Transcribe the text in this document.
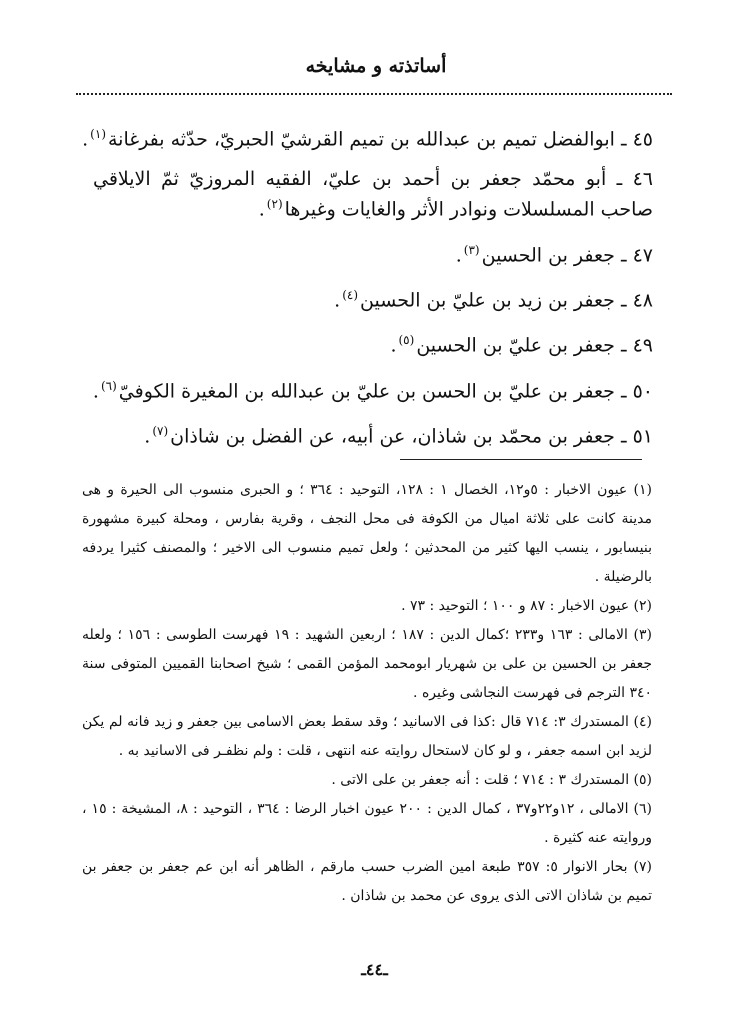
أساتذته و مشايخه

٤٥ ـ ابوالفضل تميم بن عبدالله بن تميم القرشيّ الحبريّ، حدّثه بفرغانة$^{(١)}$.

٤٦ ـ أبو محمّد جعفر بن أحمد بن عليّ، الفقيه المروزيّ ثمّ الايلاقي صاحب المسلسلات ونوادر الأثر والغايات وغيرها$^{(٢)}$.

٤٧ ـ جعفر بن الحسين$^{(٣)}$.

٤٨ ـ جعفر بن زيد بن عليّ بن الحسين$^{(٤)}$.

٤٩ ـ جعفر بن عليّ بن الحسين$^{(٥)}$.

٥٠ ـ جعفر بن عليّ بن الحسن بن عليّ بن عبدالله بن المغيرة الكوفيّ$^{(٦)}$.

٥١ ـ جعفر بن محمّد بن شاذان، عن أبيه، عن الفضل بن شاذان$^{(٧)}$.

(١) عيون الاخبار : ٥و١٢، الخصال ١ : ١٢٨، التوحيد : ٣٦٤ ؛ و الحبرى منسوب الى الحيرة و هى مدينة كانت على ثلاثة اميال من الكوفة فى محل النجف ، وقرية بفارس ، ومحلة كبيرة مشهورة بنيسابور ، ينسب اليها كثير من المحدثين ؛ ولعل تميم منسوب الى الاخير ؛ والمصنف كثيرا يردفه بالرضيلة .

(٢) عيون الاخبار : ٨٧ و ١٠٠ ؛ التوحيد : ٧٣ .

(٣) الامالى : ١٦٣ و٢٣٣ ؛كمال الدين : ١٨٧ ؛ اربعين الشهيد : ١٩ فهرست الطوسى : ١٥٦ ؛ ولعله جعفر بن الحسين بن على بن شهريار ابومحمد المؤمن القمى ؛ شيخ اصحابنا القميين المتوفى سنة ٣٤٠ الترجم فى فهرست النجاشى وغيره .

(٤) المستدرك ٣: ٧١٤ قال :كذا فى الاسانيد ؛ وقد سقط بعض الاسامى بين جعفر و زيد فانه لم يكن لزيد ابن اسمه جعفر ، و لو كان لاستحال روايته عنه انتهى ، قلت : ولم نظفـر فى الاسانيد به .

(٥) المستدرك ٣ : ٧١٤ ؛ قلت : أنه جعفر بن على الاتى .

(٦) الامالى ، ١٢و٢٢و٣٧ ، كمال الدين : ٢٠٠ عيون اخبار الرضا : ٣٦٤ ، التوحيد : ٨، المشيخة : ١٥ ، وروايته عنه كثيرة .

(٧) بحار الانوار ٥: ٣٥٧ طبعة امين الضرب حسب مارقم ، الظاهر أنه ابن عم جعفر بن جعفر بن تميم بن شاذان الاتى الذى يروى عن محمد بن شاذان .

ـ٤٤ـ
